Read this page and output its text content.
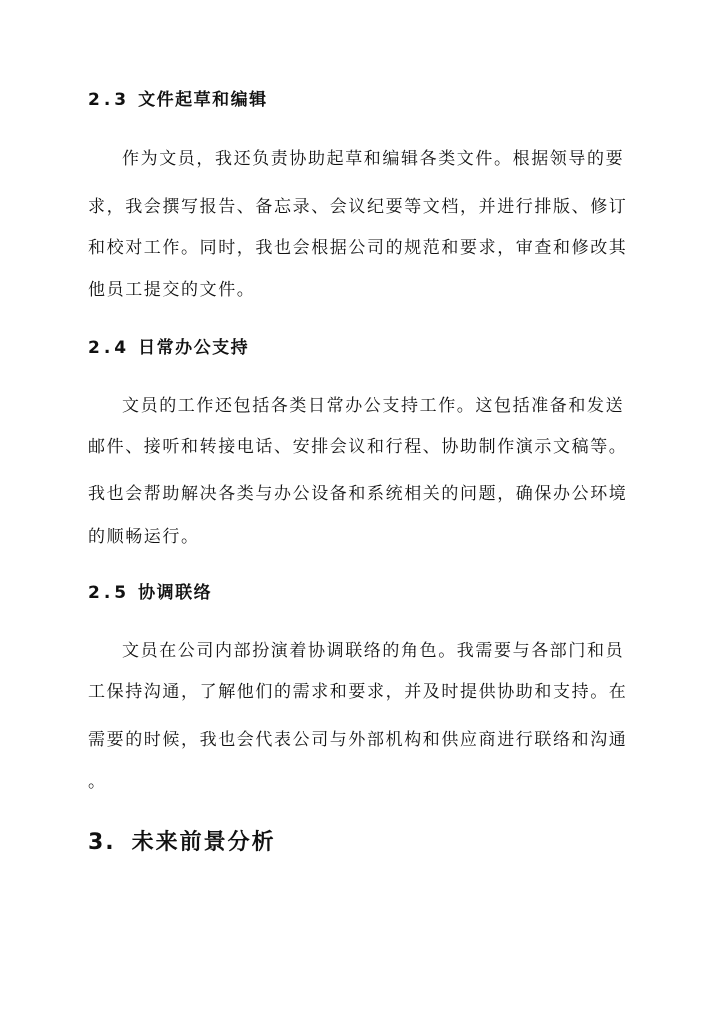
2.3 文件起草和编辑
作为文员，我还负责协助起草和编辑各类文件。根据领导的要
求，我会撰写报告、备忘录、会议纪要等文档，并进行排版、修订
和校对工作。同时，我也会根据公司的规范和要求，审查和修改其
他员工提交的文件。
2.4 日常办公支持
文员的工作还包括各类日常办公支持工作。这包括准备和发送
邮件、接听和转接电话、安排会议和行程、协助制作演示文稿等。
我也会帮助解决各类与办公设备和系统相关的问题，确保办公环境
的顺畅运行。
2.5 协调联络
文员在公司内部扮演着协调联络的角色。我需要与各部门和员
工保持沟通，了解他们的需求和要求，并及时提供协助和支持。在
需要的时候，我也会代表公司与外部机构和供应商进行联络和沟通
。
3. 未来前景分析
